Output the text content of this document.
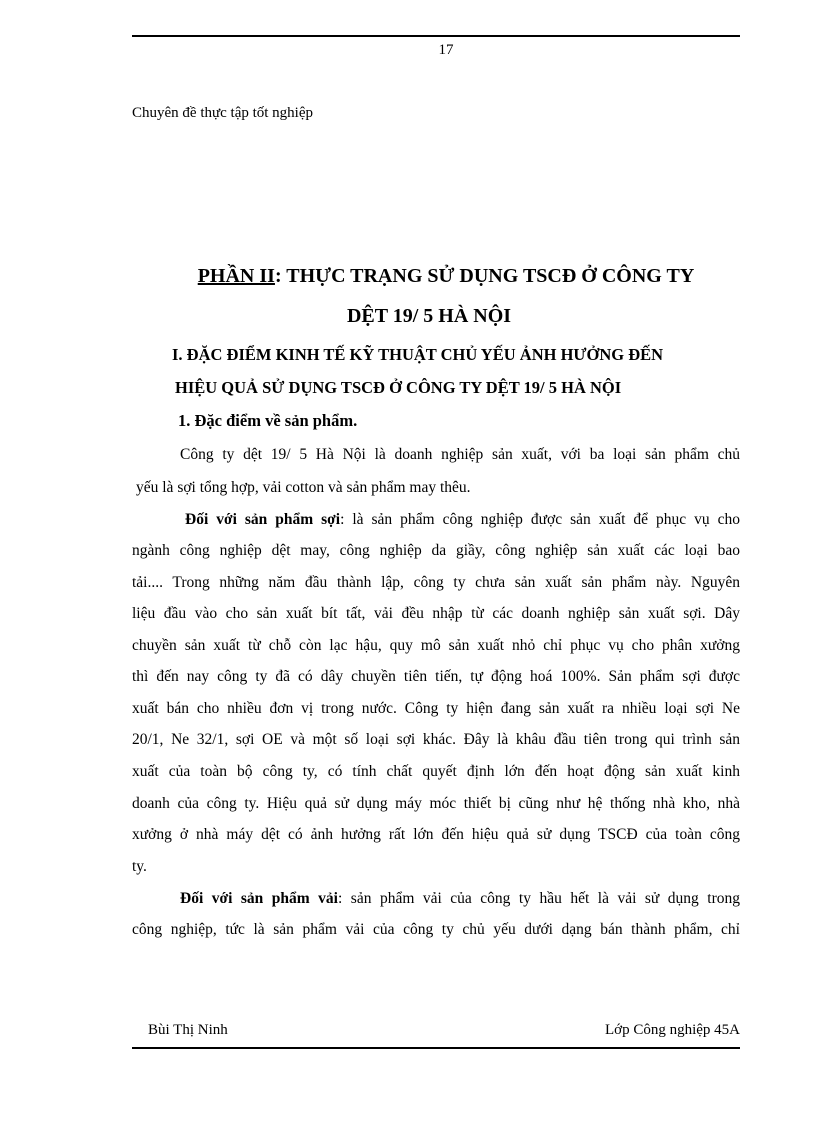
17
Chuyên đề thực tập tốt nghiệp
PHẦN II: THỰC TRẠNG SỬ DỤNG TSCĐ Ở CÔNG TY
DỆT 19/ 5 HÀ NỘI
I. ĐẶC ĐIỂM KINH TẾ KỸ THUẬT CHỦ YẾU ẢNH HƯỞNG ĐẾN
HIỆU QUẢ SỬ DỤNG TSCĐ Ở CÔNG TY DỆT 19/ 5 HÀ NỘI
1. Đặc điểm về sản phẩm.
Công ty dệt 19/ 5 Hà Nội là doanh nghiệp sản xuất, với ba loại sản phẩm chủ
yếu là sợi tổng hợp, vải cotton và sản phẩm may thêu.
Đối với sản phẩm sợi: là sản phẩm công nghiệp được sản xuất để phục vụ cho
ngành công nghiệp dệt may, công nghiệp da giầy, công nghiệp sản xuất các loại bao
tải.... Trong những năm đầu thành lập, công ty chưa sản xuất sản phẩm này. Nguyên
liệu đầu vào cho sản xuất bít tất, vải đều nhập từ các doanh nghiệp sản xuất sợi. Dây
chuyền sản xuất từ chỗ còn lạc hậu, quy mô sản xuất nhỏ chỉ phục vụ cho phân xưởng
thì đến nay công ty đã có dây chuyền tiên tiến, tự động hoá 100%. Sản phẩm sợi được
xuất bán cho nhiều đơn vị trong nước. Công ty hiện đang sản xuất ra nhiều loại sợi Ne
20/1, Ne 32/1, sợi OE và một số loại sợi khác. Đây là khâu đầu tiên trong qui trình sản
xuất của toàn bộ công ty, có tính chất quyết định lớn đến hoạt động sản xuất kinh
doanh của công ty. Hiệu quả sử dụng máy móc thiết bị cũng như hệ thống nhà kho, nhà
xưởng ở nhà máy dệt có ảnh hưởng rất lớn đến hiệu quả sử dụng TSCĐ của toàn công
ty.
Đối với sản phẩm vải: sản phẩm vải của công ty hầu hết là vải sử dụng trong
công nghiệp, tức là sản phẩm vải của công ty chủ yếu dưới dạng bán thành phẩm, chỉ
Bùi Thị Ninh	Lớp Công nghiệp 45A
